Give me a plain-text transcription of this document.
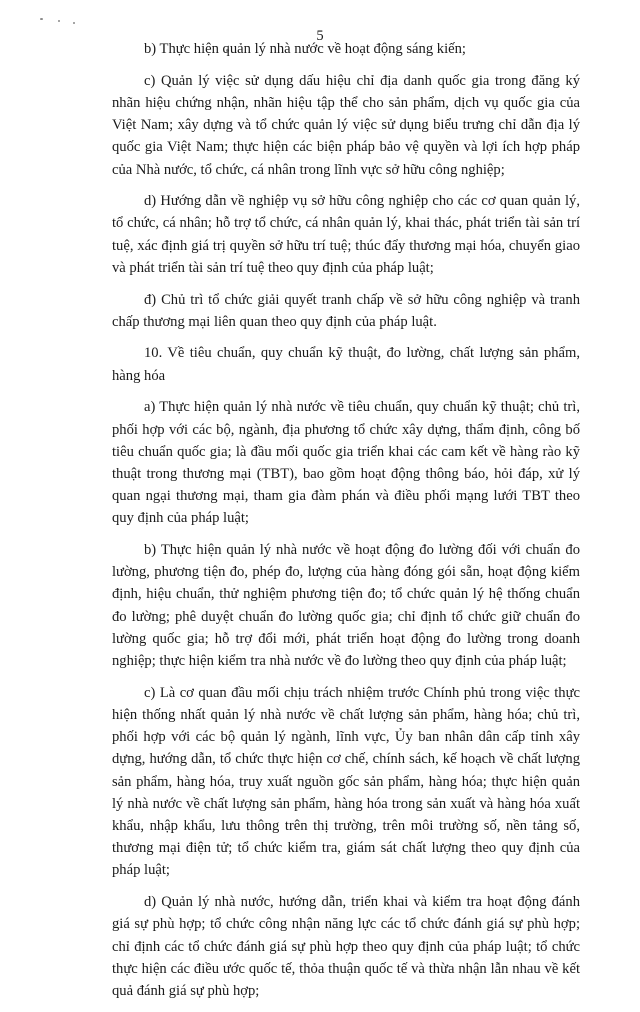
5

b) Thực hiện quản lý nhà nước về hoạt động sáng kiến;

c) Quản lý việc sử dụng dấu hiệu chỉ địa danh quốc gia trong đăng ký nhãn hiệu chứng nhận, nhãn hiệu tập thể cho sản phẩm, dịch vụ quốc gia của Việt Nam; xây dựng và tổ chức quản lý việc sử dụng biểu trưng chỉ dẫn địa lý quốc gia Việt Nam; thực hiện các biện pháp bảo vệ quyền và lợi ích hợp pháp của Nhà nước, tổ chức, cá nhân trong lĩnh vực sở hữu công nghiệp;

d) Hướng dẫn về nghiệp vụ sở hữu công nghiệp cho các cơ quan quản lý, tổ chức, cá nhân; hỗ trợ tổ chức, cá nhân quản lý, khai thác, phát triển tài sản trí tuệ, xác định giá trị quyền sở hữu trí tuệ; thúc đẩy thương mại hóa, chuyển giao và phát triển tài sản trí tuệ theo quy định của pháp luật;

đ) Chủ trì tổ chức giải quyết tranh chấp về sở hữu công nghiệp và tranh chấp thương mại liên quan theo quy định của pháp luật.

10. Về tiêu chuẩn, quy chuẩn kỹ thuật, đo lường, chất lượng sản phẩm, hàng hóa

a) Thực hiện quản lý nhà nước về tiêu chuẩn, quy chuẩn kỹ thuật; chủ trì, phối hợp với các bộ, ngành, địa phương tổ chức xây dựng, thẩm định, công bố tiêu chuẩn quốc gia; là đầu mối quốc gia triển khai các cam kết về hàng rào kỹ thuật trong thương mại (TBT), bao gồm hoạt động thông báo, hỏi đáp, xử lý quan ngại thương mại, tham gia đàm phán và điều phối mạng lưới TBT theo quy định của pháp luật;

b) Thực hiện quản lý nhà nước về hoạt động đo lường đối với chuẩn đo lường, phương tiện đo, phép đo, lượng của hàng đóng gói sẵn, hoạt động kiểm định, hiệu chuẩn, thử nghiệm phương tiện đo; tổ chức quản lý hệ thống chuẩn đo lường; phê duyệt chuẩn đo lường quốc gia; chỉ định tổ chức giữ chuẩn đo lường quốc gia; hỗ trợ đổi mới, phát triển hoạt động đo lường trong doanh nghiệp; thực hiện kiểm tra nhà nước về đo lường theo quy định của pháp luật;

c) Là cơ quan đầu mối chịu trách nhiệm trước Chính phủ trong việc thực hiện thống nhất quản lý nhà nước về chất lượng sản phẩm, hàng hóa; chủ trì, phối hợp với các bộ quản lý ngành, lĩnh vực, Ủy ban nhân dân cấp tỉnh xây dựng, hướng dẫn, tổ chức thực hiện cơ chế, chính sách, kế hoạch về chất lượng sản phẩm, hàng hóa, truy xuất nguồn gốc sản phẩm, hàng hóa; thực hiện quản lý nhà nước về chất lượng sản phẩm, hàng hóa trong sản xuất và hàng hóa xuất khẩu, nhập khẩu, lưu thông trên thị trường, trên môi trường số, nền tảng số, thương mại điện tử; tổ chức kiểm tra, giám sát chất lượng theo quy định của pháp luật;

d) Quản lý nhà nước, hướng dẫn, triển khai và kiểm tra hoạt động đánh giá sự phù hợp; tổ chức công nhận năng lực các tổ chức đánh giá sự phù hợp; chỉ định các tổ chức đánh giá sự phù hợp theo quy định của pháp luật; tổ chức thực hiện các điều ước quốc tế, thỏa thuận quốc tế và thừa nhận lẫn nhau về kết quả đánh giá sự phù hợp;
